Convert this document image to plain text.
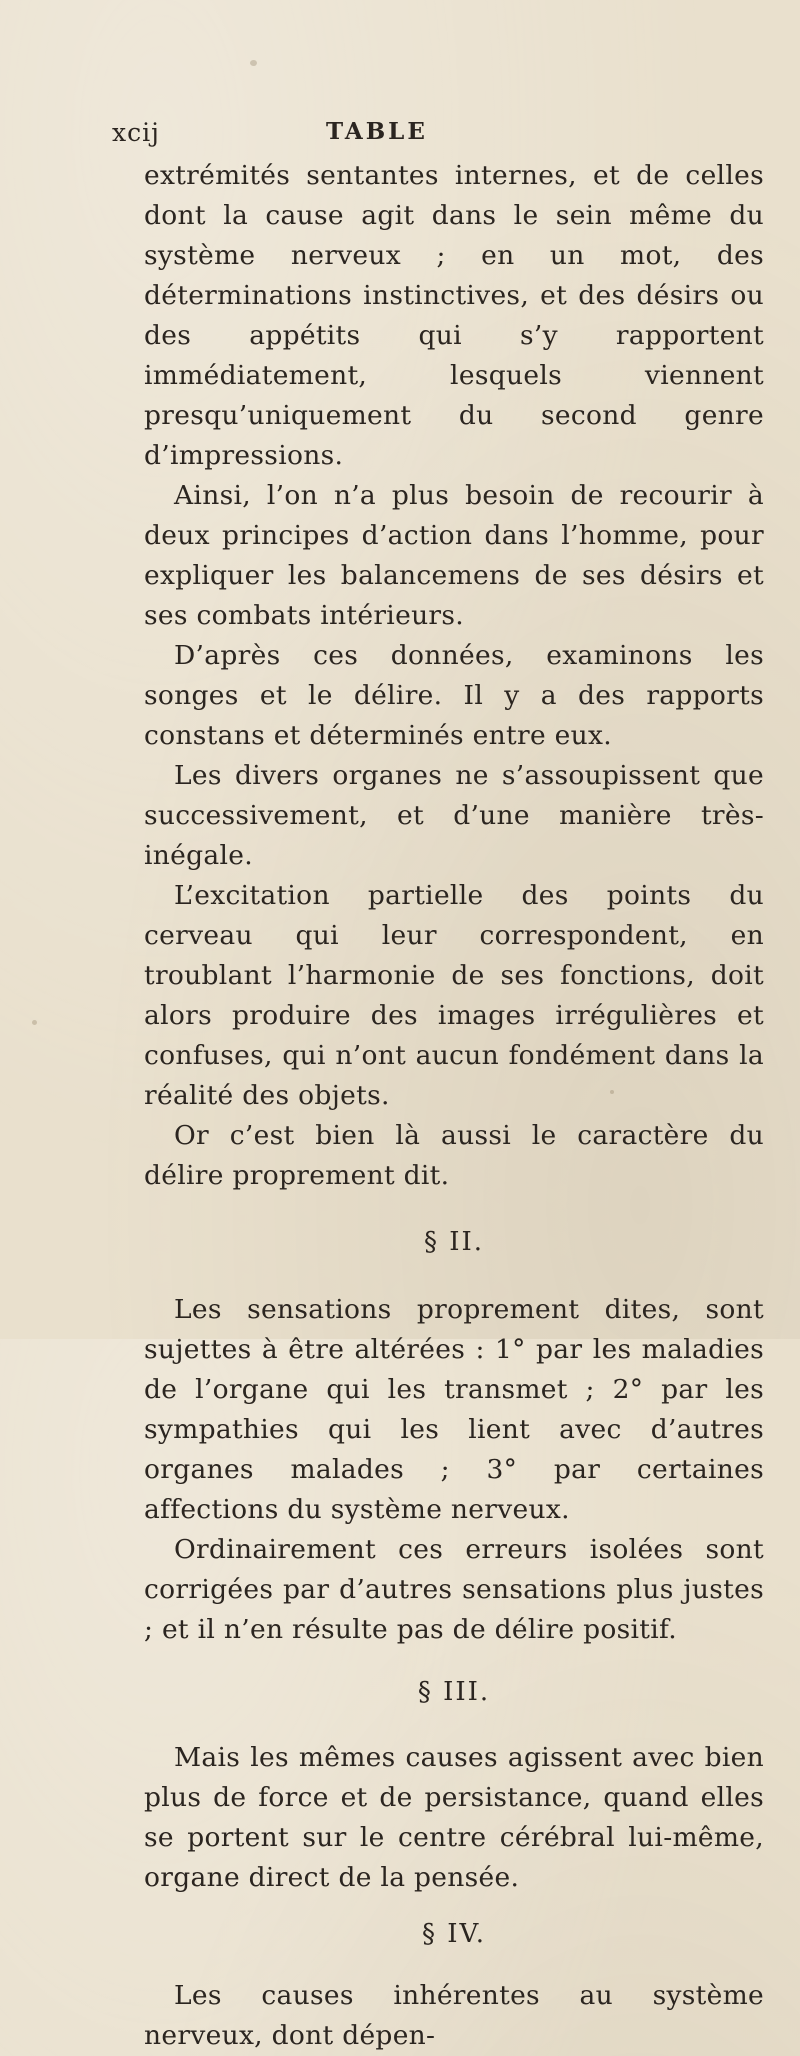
xcij	TABLE

extrémités sentantes internes, et de celles dont la cause agit dans le sein même du système nerveux ; en un mot, des déterminations instinctives, et des désirs ou des appétits qui s’y rapportent immédiatement, lesquels viennent presqu’uniquement du second genre d’impressions.

Ainsi, l’on n’a plus besoin de recourir à deux principes d’action dans l’homme, pour expliquer les balancemens de ses désirs et ses combats intérieurs.

D’après ces données, examinons les songes et le délire. Il y a des rapports constans et déterminés entre eux.

Les divers organes ne s’assoupissent que successivement, et d’une manière très-inégale.

L’excitation partielle des points du cerveau qui leur correspondent, en troublant l’harmonie de ses fonctions, doit alors produire des images irrégulières et confuses, qui n’ont aucun fondément dans la réalité des objets.

Or c’est bien là aussi le caractère du délire proprement dit.

§ II.

Les sensations proprement dites, sont sujettes à être altérées : 1° par les maladies de l’organe qui les transmet ; 2° par les sympathies qui les lient avec d’autres organes malades ; 3° par certaines affections du système nerveux.

Ordinairement ces erreurs isolées sont corrigées par d’autres sensations plus justes ; et il n’en résulte pas de délire positif.

§ III.

Mais les mêmes causes agissent avec bien plus de force et de persistance, quand elles se portent sur le centre cérébral lui-même, organe direct de la pensée.

§ IV.

Les causes inhérentes au système nerveux, dont dépen-
